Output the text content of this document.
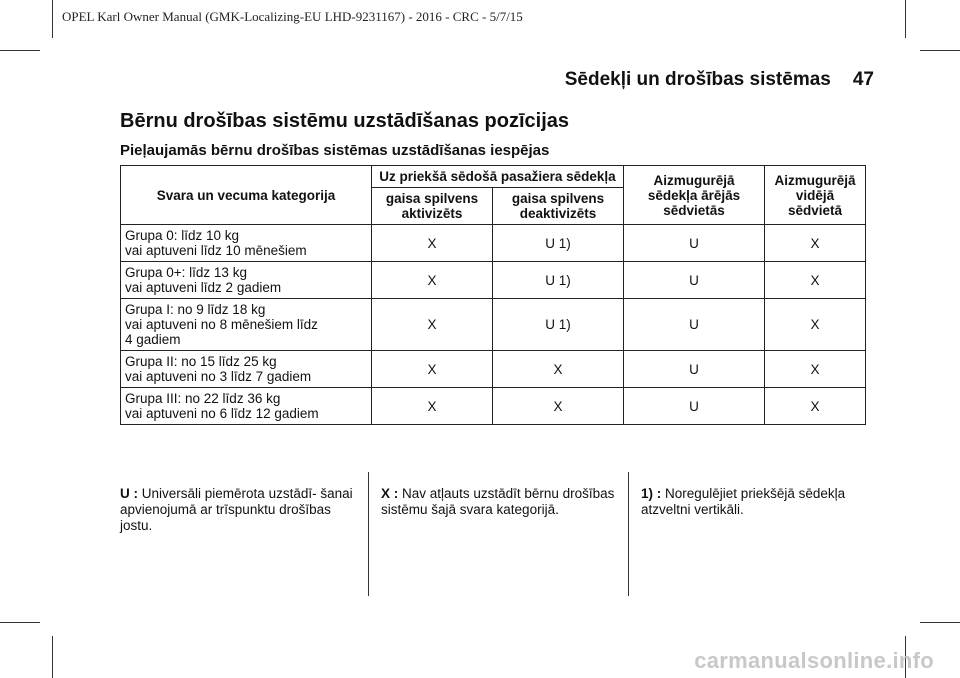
OPEL Karl Owner Manual (GMK-Localizing-EU LHD-9231167) - 2016 - CRC - 5/7/15
Sēdekļi un drošības sistēmas 47
Bērnu drošības sistēmu uzstādīšanas pozīcijas
Pieļaujamās bērnu drošības sistēmas uzstādīšanas iespējas
Svara un vecuma kategorija	Uz priekšā sēdošā pasažiera sēdekļa		Aizmugurējā sēdekļa ārējās sēdvietās	Aizmugurējā vidējā sēdvietā
	gaisa spilvens aktivizēts	gaisa spilvens deaktivizēts		

Grupa 0: līdz 10 kg
vai aptuveni līdz 10 mēnešiem	X	U 1)	U	X

Grupa 0+: līdz 13 kg
vai aptuveni līdz 2 gadiem	X	U 1)	U	X

Grupa I: no 9 līdz 18 kg
vai aptuveni no 8 mēnešiem līdz
4 gadiem	X	U 1)	U	X

Grupa II: no 15 līdz 25 kg
vai aptuveni no 3 līdz 7 gadiem	X	X	U	X

Grupa III: no 22 līdz 36 kg
vai aptuveni no 6 līdz 12 gadiem	X	X	U	X
U : Universāli piemērota uzstādī- šanai apvienojumā ar trīspunktu drošības jostu.
X : Nav atļauts uzstādīt bērnu drošības sistēmu šajā svara kategorijā.
1) : Noregulējiet priekšējā sēdekļa atzveltni vertikāli.
carmanualsonline.info
